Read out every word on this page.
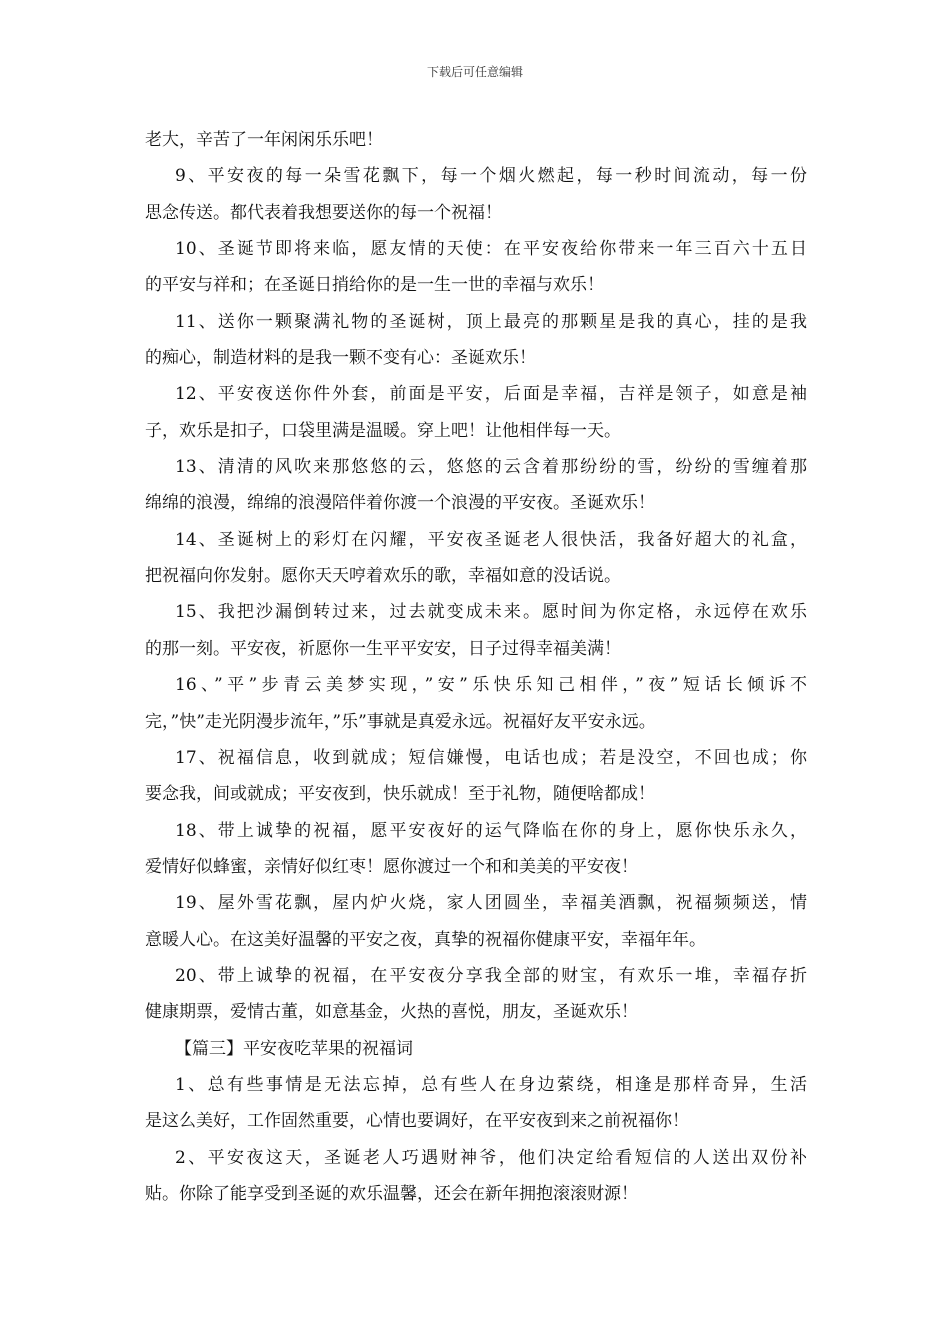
下载后可任意编辑
老大，辛苦了一年闲闲乐乐吧！
9、平安夜的每一朵雪花飘下，每一个烟火燃起，每一秒时间流动，每一份
思念传送。都代表着我想要送你的每一个祝福！
10、圣诞节即将来临，愿友情的天使：在平安夜给你带来一年三百六十五日
的平安与祥和；在圣诞日捎给你的是一生一世的幸福与欢乐！
11、送你一颗聚满礼物的圣诞树，顶上最亮的那颗星是我的真心，挂的是我
的痴心，制造材料的是我一颗不变有心：圣诞欢乐！
12、平安夜送你件外套，前面是平安，后面是幸福，吉祥是领子，如意是袖
子，欢乐是扣子，口袋里满是温暖。穿上吧！让他相伴每一天。
13、清清的风吹来那悠悠的云，悠悠的云含着那纷纷的雪，纷纷的雪缠着那
绵绵的浪漫，绵绵的浪漫陪伴着你渡一个浪漫的平安夜。圣诞欢乐！
14、圣诞树上的彩灯在闪耀，平安夜圣诞老人很快活，我备好超大的礼盒，
把祝福向你发射。愿你天天哼着欢乐的歌，幸福如意的没话说。
15、我把沙漏倒转过来，过去就变成未来。愿时间为你定格，永远停在欢乐
的那一刻。平安夜，祈愿你一生平平安安，日子过得幸福美满！
16、”平”步青云美梦实现，”安”乐快乐知己相伴，”夜”短话长倾诉不
完，”快”走光阴漫步流年，”乐”事就是真爱永远。祝福好友平安永远。
17、祝福信息，收到就成；短信嫌慢，电话也成；若是没空，不回也成；你
要念我，间或就成；平安夜到，快乐就成！至于礼物，随便啥都成！
18、带上诚挚的祝福，愿平安夜好的运气降临在你的身上，愿你快乐永久，
爱情好似蜂蜜，亲情好似红枣！愿你渡过一个和和美美的平安夜！
19、屋外雪花飘，屋内炉火烧，家人团圆坐，幸福美酒飘，祝福频频送，情
意暖人心。在这美好温馨的平安之夜，真挚的祝福你健康平安，幸福年年。
20、带上诚挚的祝福，在平安夜分享我全部的财宝，有欢乐一堆，幸福存折
健康期票，爱情古董，如意基金，火热的喜悦，朋友，圣诞欢乐！
【篇三】平安夜吃苹果的祝福词
1、总有些事情是无法忘掉，总有些人在身边萦绕，相逢是那样奇异，生活
是这么美好，工作固然重要，心情也要调好，在平安夜到来之前祝福你！
2、平安夜这天，圣诞老人巧遇财神爷，他们决定给看短信的人送出双份补
贴。你除了能享受到圣诞的欢乐温馨，还会在新年拥抱滚滚财源！
